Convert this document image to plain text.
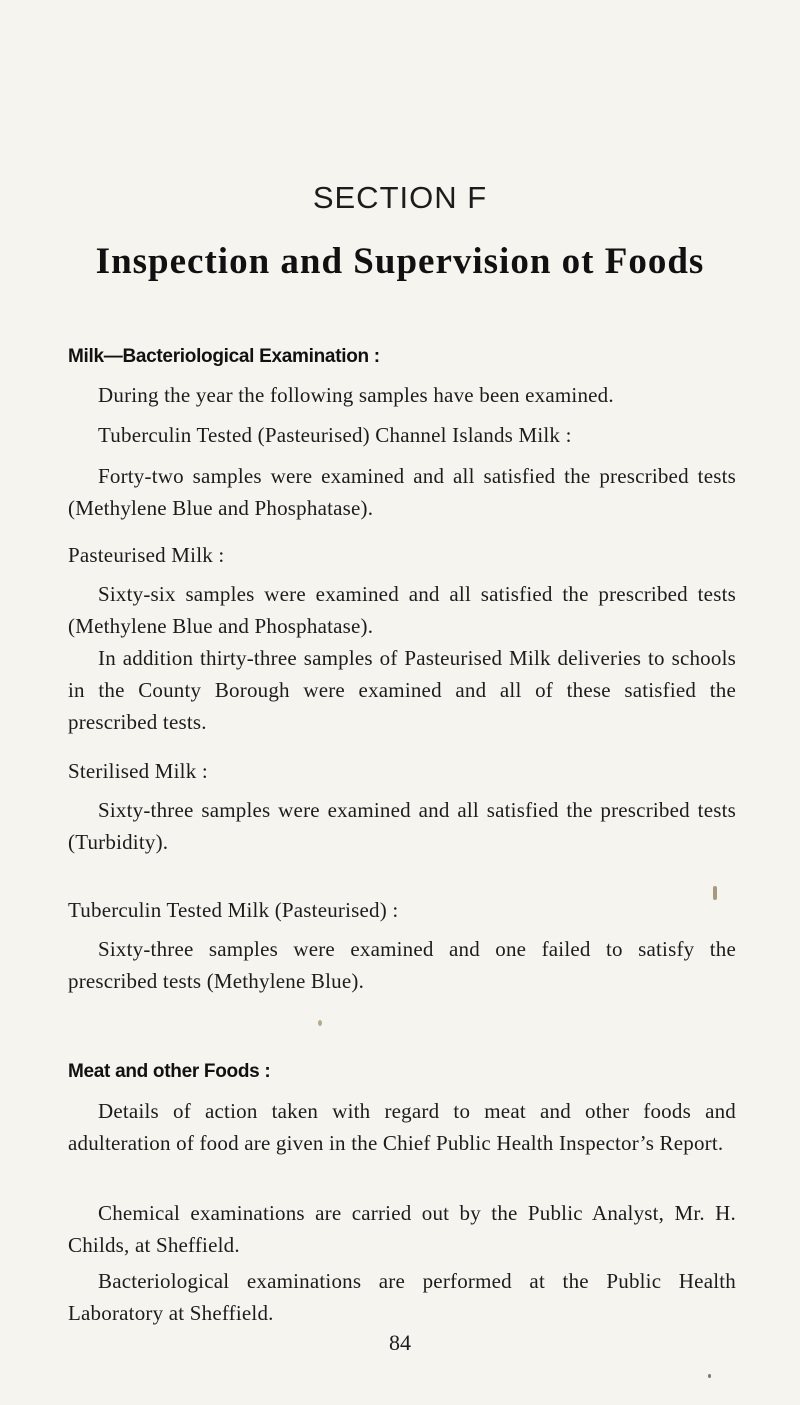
SECTION F
Inspection and Supervision ot Foods
Milk—Bacteriological Examination :
During the year the following samples have been examined.
Tuberculin Tested (Pasteurised) Channel Islands Milk :
Forty-two samples were examined and all satisfied the prescribed tests (Methylene Blue and Phosphatase).
Pasteurised Milk :
Sixty-six samples were examined and all satisfied the prescribed tests (Methylene Blue and Phosphatase).
In addition thirty-three samples of Pasteurised Milk deliveries to schools in the County Borough were examined and all of these satisfied the prescribed tests.
Sterilised Milk :
Sixty-three samples were examined and all satisfied the prescribed tests (Turbidity).
Tuberculin Tested Milk (Pasteurised) :
Sixty-three samples were examined and one failed to satisfy the prescribed tests (Methylene Blue).
Meat and other Foods :
Details of action taken with regard to meat and other foods and adulteration of food are given in the Chief Public Health Inspector’s Report.
Chemical examinations are carried out by the Public Analyst, Mr. H. Childs, at Sheffield.
Bacteriological examinations are performed at the Public Health Laboratory at Sheffield.
84
